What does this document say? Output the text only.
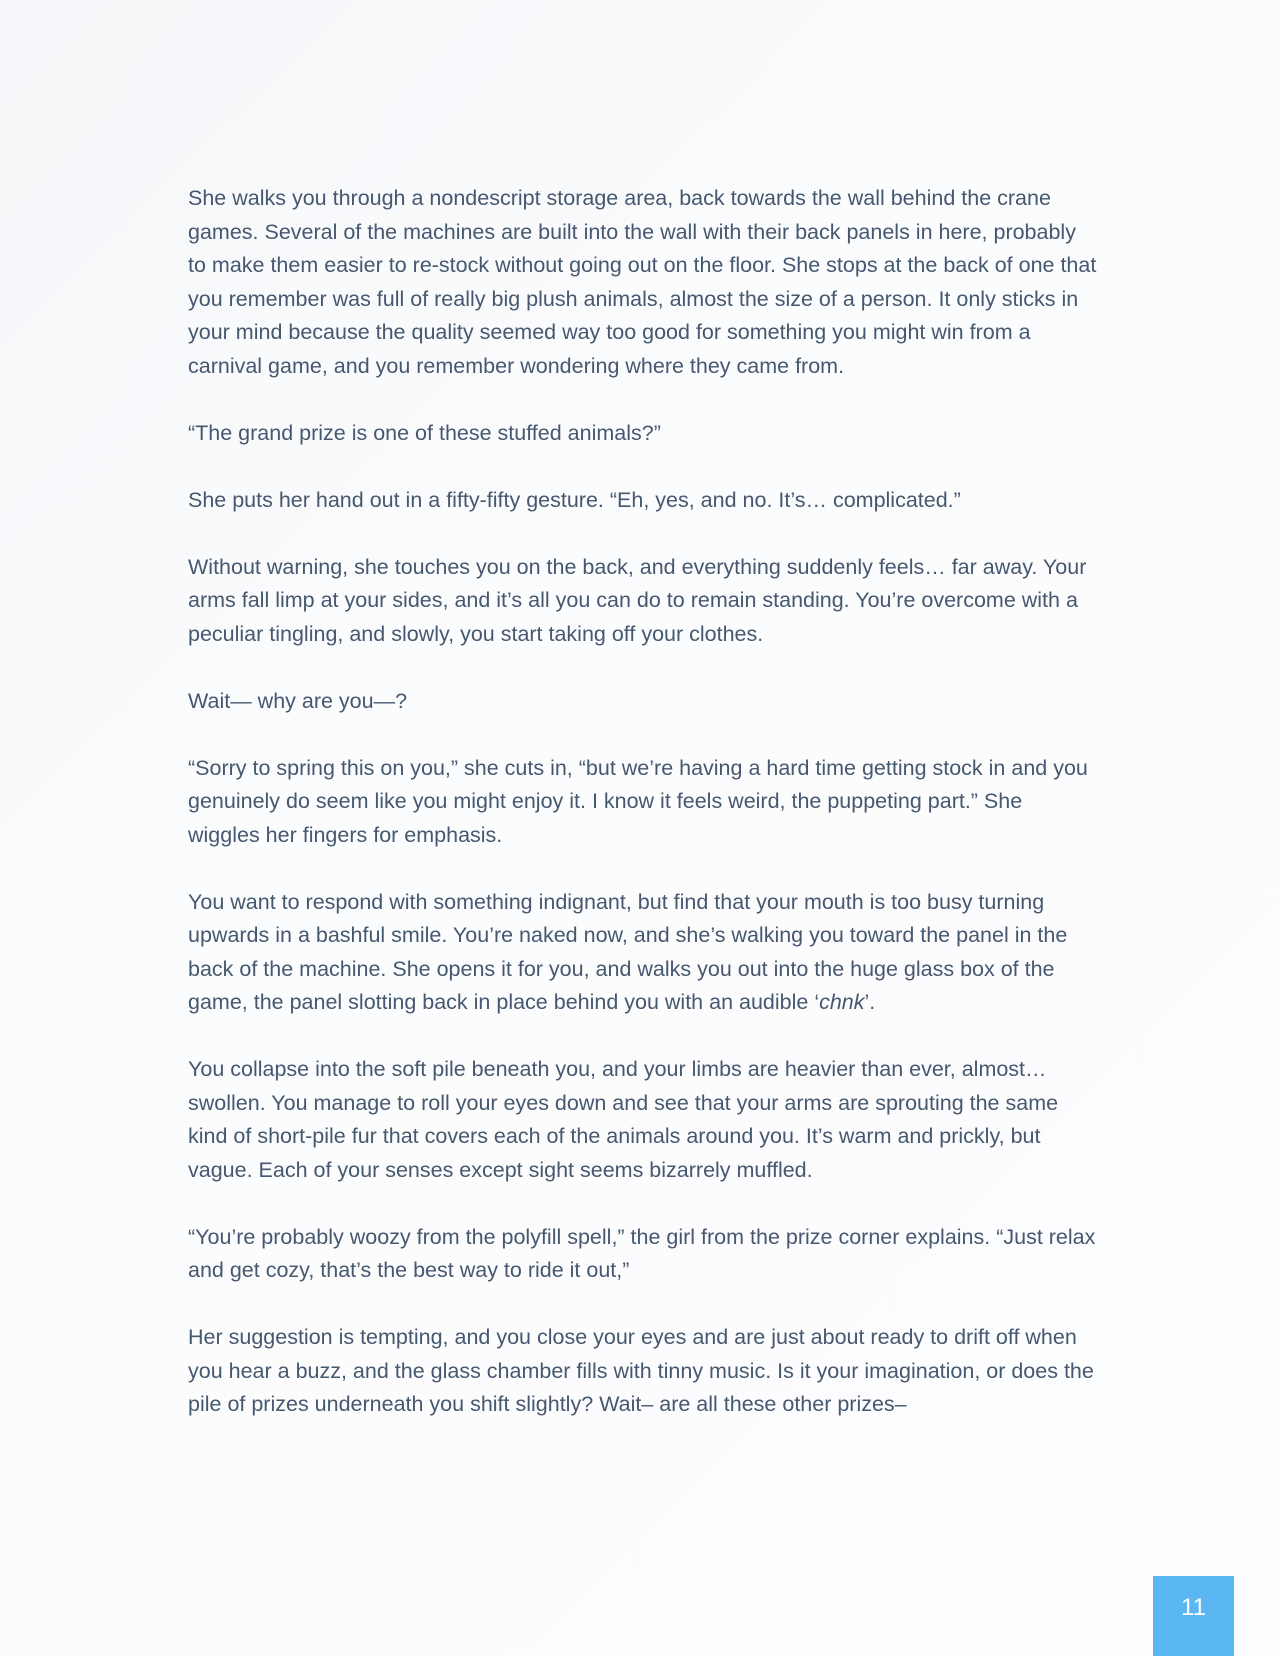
She walks you through a nondescript storage area, back towards the wall behind the crane games. Several of the machines are built into the wall with their back panels in here, probably to make them easier to re-stock without going out on the floor. She stops at the back of one that you remember was full of really big plush animals, almost the size of a person. It only sticks in your mind because the quality seemed way too good for something you might win from a carnival game, and you remember wondering where they came from.

“The grand prize is one of these stuffed animals?”

She puts her hand out in a fifty-fifty gesture. “Eh, yes, and no. It’s… complicated.”

Without warning, she touches you on the back, and everything suddenly feels… far away. Your arms fall limp at your sides, and it’s all you can do to remain standing. You’re overcome with a peculiar tingling, and slowly, you start taking off your clothes.

Wait— why are you—?

“Sorry to spring this on you,” she cuts in, “but we’re having a hard time getting stock in and you genuinely do seem like you might enjoy it. I know it feels weird, the puppeting part.” She wiggles her fingers for emphasis.

You want to respond with something indignant, but find that your mouth is too busy turning upwards in a bashful smile. You’re naked now, and she’s walking you toward the panel in the back of the machine. She opens it for you, and walks you out into the huge glass box of the game, the panel slotting back in place behind you with an audible ‘chnk’.

You collapse into the soft pile beneath you, and your limbs are heavier than ever, almost… swollen. You manage to roll your eyes down and see that your arms are sprouting the same kind of short-pile fur that covers each of the animals around you. It’s warm and prickly, but vague. Each of your senses except sight seems bizarrely muffled.

“You’re probably woozy from the polyfill spell,” the girl from the prize corner explains. “Just relax and get cozy, that’s the best way to ride it out,”

Her suggestion is tempting, and you close your eyes and are just about ready to drift off when you hear a buzz, and the glass chamber fills with tinny music. Is it your imagination, or does the pile of prizes underneath you shift slightly? Wait– are all these other prizes–

11
